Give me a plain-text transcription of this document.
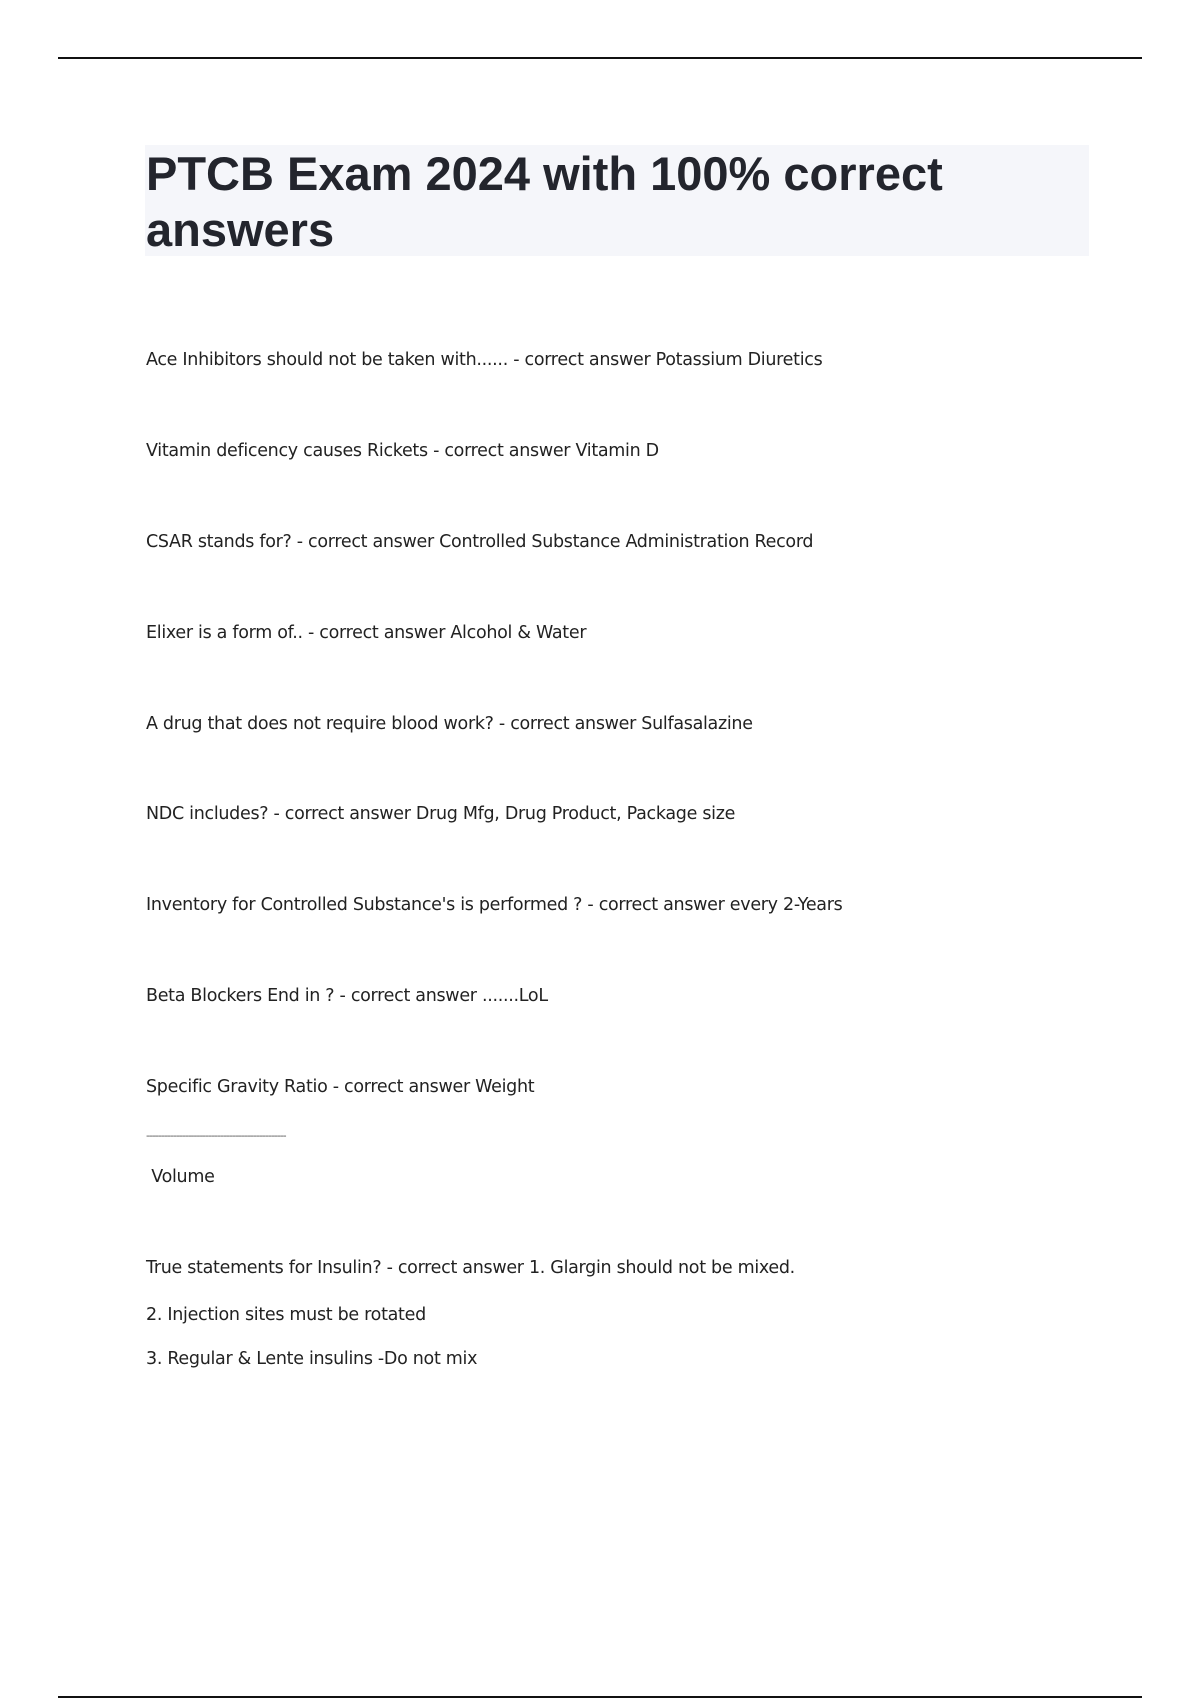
PTCB Exam 2024 with 100% correct answers
Ace Inhibitors should not be taken with...... - correct answer Potassium Diuretics
Vitamin deficency causes Rickets - correct answer Vitamin D
CSAR stands for? - correct answer Controlled Substance Administration Record
Elixer is a form of.. - correct answer Alcohol & Water
A drug that does not require blood work? - correct answer Sulfasalazine
NDC includes? - correct answer Drug Mfg, Drug Product, Package size
Inventory for Controlled Substance's is performed ? - correct answer every 2-Years
Beta Blockers End in ? - correct answer .......LoL
Specific Gravity Ratio - correct answer Weight
-----------------------------------------------
Volume
True statements for Insulin? - correct answer 1. Glargin should not be mixed.
2. Injection sites must be rotated
3. Regular & Lente insulins -Do not mix
